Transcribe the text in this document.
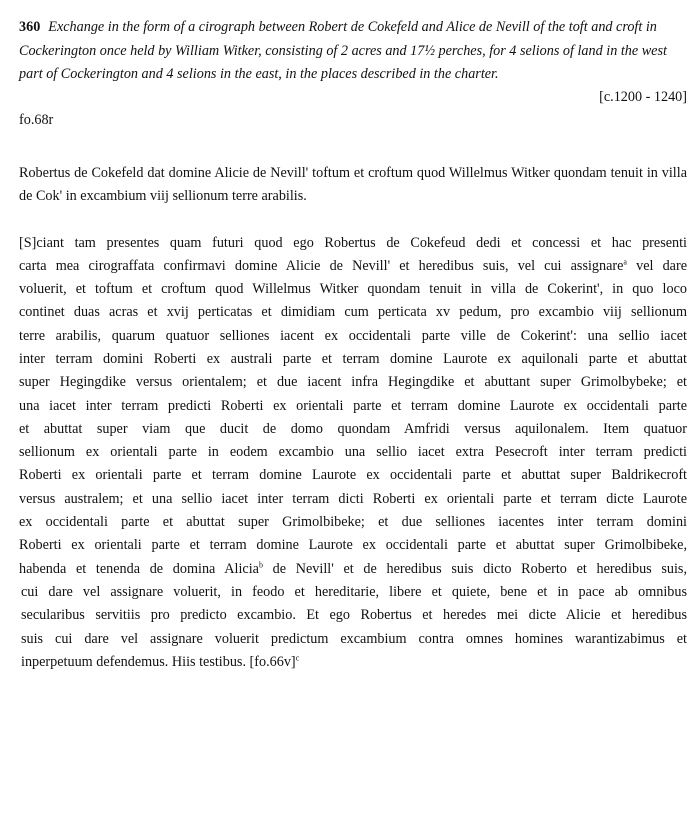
360 Exchange in the form of a cirograph between Robert de Cokefeld and Alice de Nevill of the toft and croft in Cockerington once held by William Witker, consisting of 2 acres and 17½ perches, for 4 selions of land in the west part of Cockerington and 4 selions in the east, in the places described in the charter.

[c.1200 - 1240]

fo.68r

Robertus de Cokefeld dat domine Alicie de Nevill' toftum et croftum quod Willelmus Witker quondam tenuit in villa de Cok' in excambium viij sellionum terre arabilis.

[S]ciant tam presentes quam futuri quod ego Robertus de Cokefeud dedi et concessi et hac presenti
carta mea cirograffata confirmavi domine Alicie de Nevill' et heredibus suis, vel cui assignare$^a$ vel dare
voluerit, et toftum et croftum quod Willelmus Witker quondam tenuit in villa de Cokerint', in quo loco
continet duas acras et xvij perticatas et dimidiam cum perticata xv pedum, pro excambio viij sellionum
terre arabilis, quarum quatuor selliones iacent ex occidentali parte ville de Cokerint': una sellio iacet
inter terram domini Roberti ex australi parte et terram domine Laurote ex aquilonali parte et abuttat
super Hegingdike versus orientalem; et due iacent infra Hegingdike et abuttant super Grimolbybeke; et
una iacet inter terram predicti Roberti ex orientali parte et terram domine Laurote ex occidentali parte
et abuttat super viam que ducit de domo quondam Amfridi versus aquilonalem. Item quatuor
sellionum ex orientali parte in eodem excambio una sellio iacet extra Pesecroft inter terram predicti
Roberti ex orientali parte et terram domine Laurote ex occidentali parte et abuttat super Baldrikecroft
versus australem; et una sellio iacet inter terram dicti Roberti ex orientali parte et terram dicte Laurote
ex occidentali parte et abuttat super Grimolbibeke; et due selliones iacentes inter terram domini
Roberti ex orientali parte et terram domine Laurote ex occidentali parte et abuttat super Grimolbibeke,
habenda et tenenda de domina Alicia$^b$ de Nevill' et de heredibus suis dicto Roberto et heredibus suis,
cui dare vel assignare voluerit, in feodo et hereditarie, libere et quiete, bene et in pace ab omnibus
secularibus servitiis pro predicto excambio. Et ego Robertus et heredes mei dicte Alicie et heredibus
suis cui dare vel assignare voluerit predictum excambium contra omnes homines warantizabimus et
inperpetuum defendemus. Hiis testibus. $[fo.66v]^c$
